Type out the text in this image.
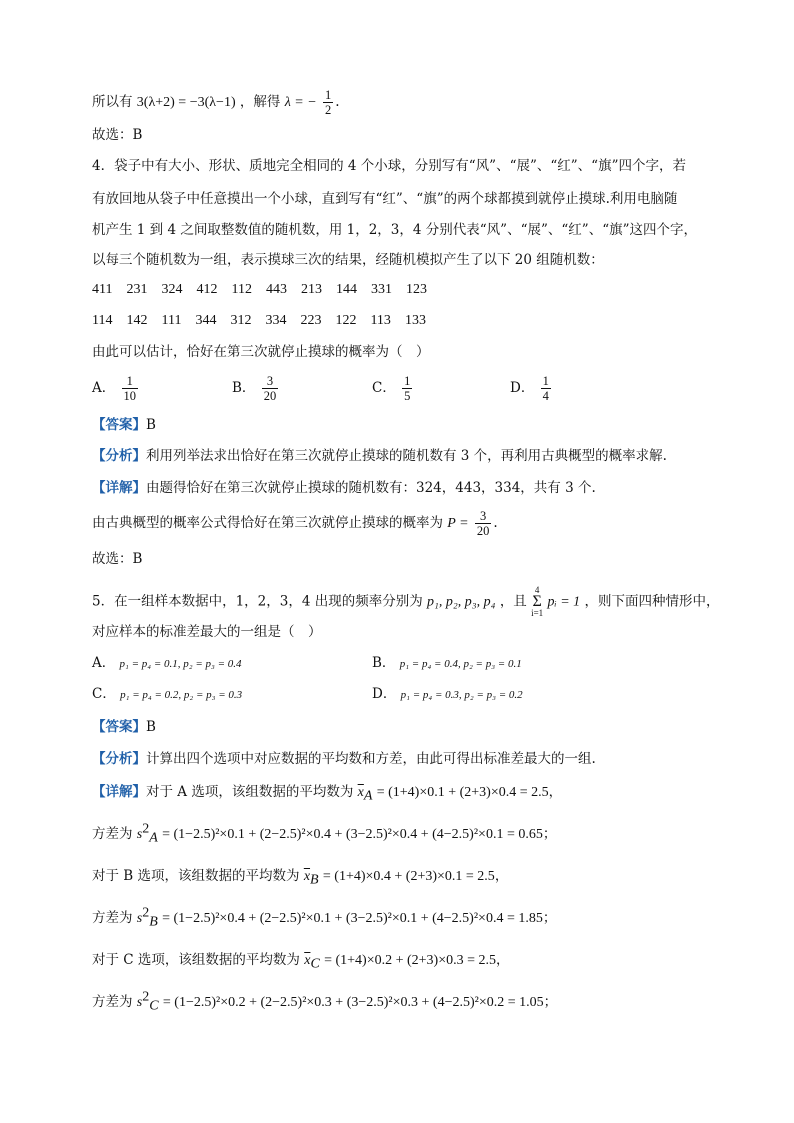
所以有 3(λ+2) = −3(λ−1) ，解得 λ = − $\frac{1}{2}$ .
故选：B
4．袋子中有大小、形状、质地完全相同的 4 个小球，分别写有“风”、“展”、“红”、“旗”四个字，若
有放回地从袋子中任意摸出一个小球，直到写有“红”、“旗”的两个球都摸到就停止摸球.利用电脑随
机产生 1 到 4 之间取整数值的随机数，用 1，2，3，4 分别代表“风”、“展”、“红”、“旗”这四个字，
以每三个随机数为一组，表示摸球三次的结果，经随机模拟产生了以下 20 组随机数：
411 231 324 412 112 443 213 144 331 123
114 142 111 344 312 334 223 122 113 133
由此可以估计，恰好在第三次就停止摸球的概率为（　）
A． $\frac{1}{10}$	B． $\frac{3}{20}$	C． $\frac{1}{5}$	D． $\frac{1}{4}$
【答案】B
【分析】利用列举法求出恰好在第三次就停止摸球的随机数有 3 个，再利用古典概型的概率求解.
【详解】由题得恰好在第三次就停止摸球的随机数有：324，443，334，共有 3 个.
由古典概型的概率公式得恰好在第三次就停止摸球的概率为 $P = \frac{3}{20}$ .
故选：B
5．在一组样本数据中，1，2，3，4 出现的频率分别为 p₁, p₂, p₃, p₄ ，且
4
Σ
i=1
pᵢ = 1 ，则下面四种情形中，
对应样本的标准差最大的一组是（　）
A． p₁ = p₄ = 0.1, p₂ = p₃ = 0.4	B． p₁ = p₄ = 0.4, p₂ = p₃ = 0.1
C． p₁ = p₄ = 0.2, p₂ = p₃ = 0.3	D． p₁ = p₄ = 0.3, p₂ = p₃ = 0.2
【答案】B
【分析】计算出四个选项中对应数据的平均数和方差，由此可得出标准差最大的一组.
【详解】对于 A 选项，该组数据的平均数为 $\overline{x}_A = (1+4)\times 0.1 + (2+3)\times 0.4 = 2.5$，
方差为 $s^2_A = (1-2.5)^2\times 0.1 + (2-2.5)^2\times 0.4 + (3-2.5)^2\times 0.4 + (4-2.5)^2\times 0.1 = 0.65$；
对于 B 选项，该组数据的平均数为 $\overline{x}_B = (1+4)\times 0.4 + (2+3)\times 0.1 = 2.5$，
方差为 $s^2_B = (1-2.5)^2\times 0.4 + (2-2.5)^2\times 0.1 + (3-2.5)^2\times 0.1 + (4-2.5)^2\times 0.4 = 1.85$；
对于 C 选项，该组数据的平均数为 $\overline{x}_C = (1+4)\times 0.2 + (2+3)\times 0.3 = 2.5$，
方差为 $s^2_C = (1-2.5)^2\times 0.2 + (2-2.5)^2\times 0.3 + (3-2.5)^2\times 0.3 + (4-2.5)^2\times 0.2 = 1.05$；
